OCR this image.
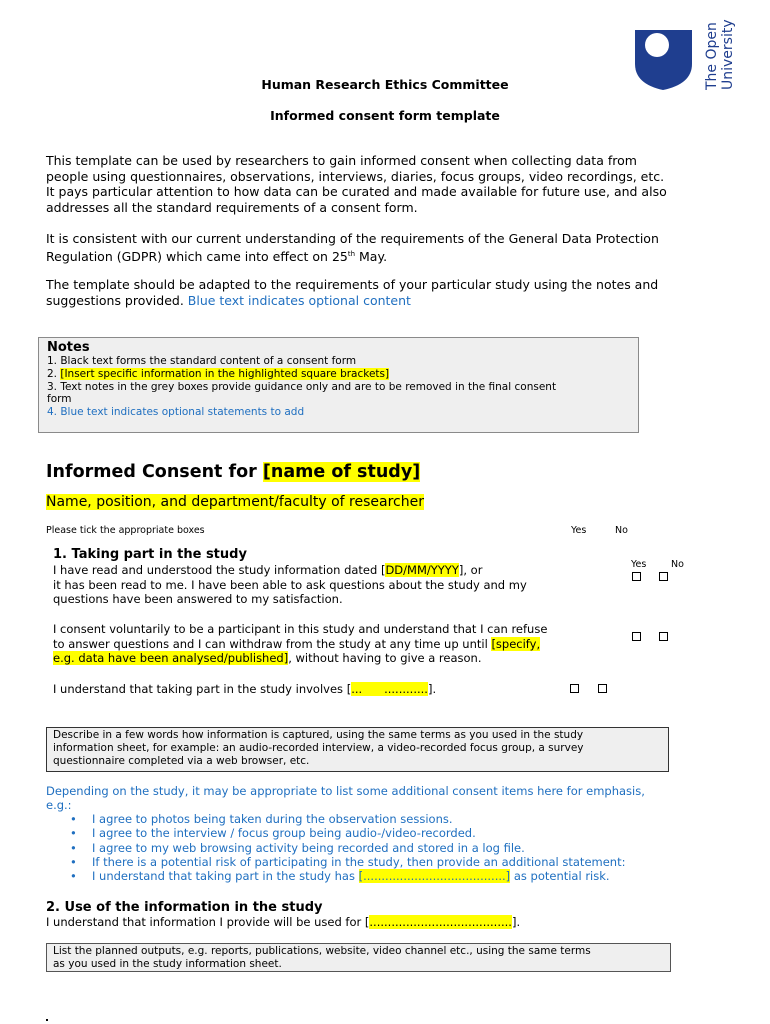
The Open University
Human Research Ethics Committee
Informed consent form template
This template can be used by researchers to gain informed consent when collecting data from
people using questionnaires, observations, interviews, diaries, focus groups, video recordings, etc.
It pays particular attention to how data can be curated and made available for future use, and also
addresses all the standard requirements of a consent form.
It is consistent with our current understanding of the requirements of the General Data Protection
Regulation (GDPR) which came into effect on 25th May.
The template should be adapted to the requirements of your particular study using the notes and
suggestions provided. Blue text indicates optional content
Notes
1. Black text forms the standard content of a consent form
2. [Insert specific information in the highlighted square brackets]
3. Text notes in the grey boxes provide guidance only and are to be removed in the final consent
form
4. Blue text indicates optional statements to add
Informed Consent for [name of study]
Name, position, and department/faculty of researcher
Please tick the appropriate boxes	Yes	No
1. Taking part in the study
Yes	No
I have read and understood the study information dated [DD/MM/YYYY], or
it has been read to me. I have been able to ask questions about the study and my
questions have been answered to my satisfaction.
I consent voluntarily to be a participant in this study and understand that I can refuse
to answer questions and I can withdraw from the study at any time up until [specify,
e.g. data have been analysed/published], without having to give a reason.
I understand that taking part in the study involves [...      ............].
Describe in a few words how information is captured, using the same terms as you used in the study
information sheet, for example: an audio-recorded interview, a video-recorded focus group, a survey
questionnaire completed via a web browser, etc.
Depending on the study, it may be appropriate to list some additional consent items here for emphasis,
e.g.:
• I agree to photos being taken during the observation sessions.
• I agree to the interview / focus group being audio-/video-recorded.
• I agree to my web browsing activity being recorded and stored in a log file.
• If there is a potential risk of participating in the study, then provide an additional statement:
• I understand that taking part in the study has [.......................................] as potential risk.
2. Use of the information in the study
I understand that information I provide will be used for [.......................................].
List the planned outputs, e.g. reports, publications, website, video channel etc., using the same terms
as you used in the study information sheet.
